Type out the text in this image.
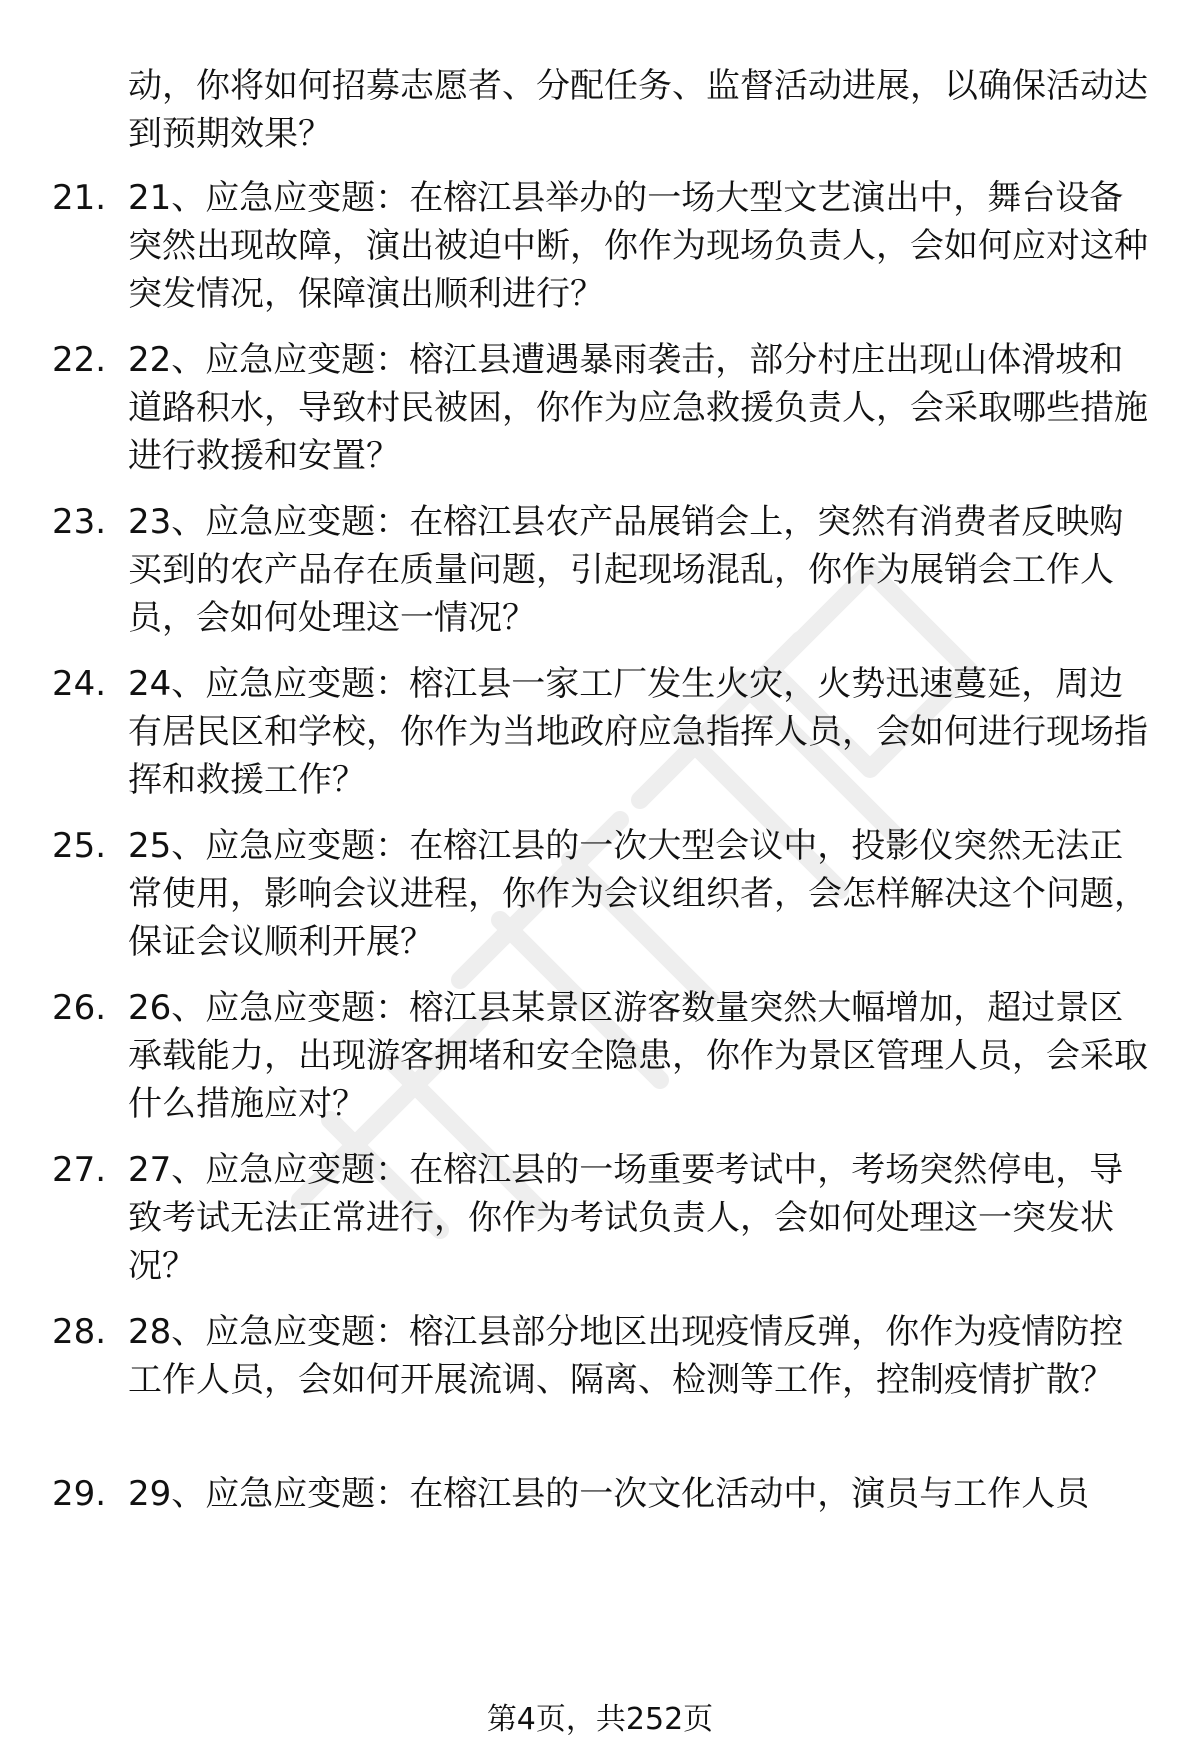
动，你将如何招募志愿者、分配任务、监督活动进展，以确保活动达到预期效果？
21. 21、应急应变题：在榕江县举办的一场大型文艺演出中，舞台设备突然出现故障，演出被迫中断，你作为现场负责人，会如何应对这种突发情况，保障演出顺利进行？
22. 22、应急应变题：榕江县遭遇暴雨袭击，部分村庄出现山体滑坡和道路积水，导致村民被困，你作为应急救援负责人，会采取哪些措施进行救援和安置？
23. 23、应急应变题：在榕江县农产品展销会上，突然有消费者反映购买到的农产品存在质量问题，引起现场混乱，你作为展销会工作人员，会如何处理这一情况？
24. 24、应急应变题：榕江县一家工厂发生火灾，火势迅速蔓延，周边有居民区和学校，你作为当地政府应急指挥人员，会如何进行现场指挥和救援工作？
25. 25、应急应变题：在榕江县的一次大型会议中，投影仪突然无法正常使用，影响会议进程，你作为会议组织者，会怎样解决这个问题，保证会议顺利开展？
26. 26、应急应变题：榕江县某景区游客数量突然大幅增加，超过景区承载能力，出现游客拥堵和安全隐患，你作为景区管理人员，会采取什么措施应对？
27. 27、应急应变题：在榕江县的一场重要考试中，考场突然停电，导致考试无法正常进行，你作为考试负责人，会如何处理这一突发状况？
28. 28、应急应变题：榕江县部分地区出现疫情反弹，你作为疫情防控工作人员，会如何开展流调、隔离、检测等工作，控制疫情扩散？
29. 29、应急应变题：在榕江县的一次文化活动中，演员与工作人员
第4页，共252页
